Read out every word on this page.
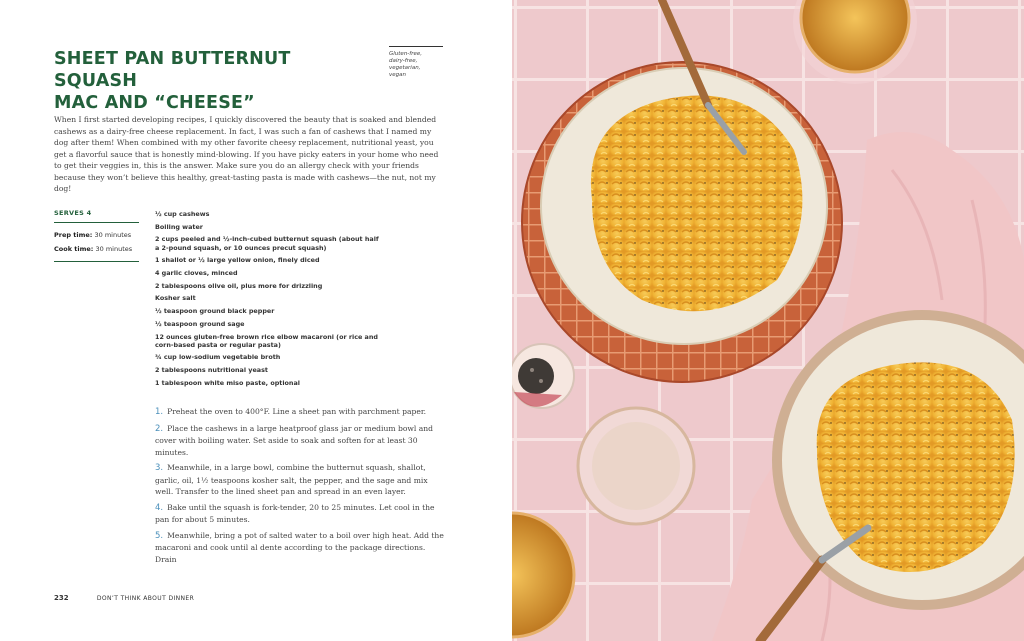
SHEET PAN BUTTERNUT SQUASH
MAC AND “CHEESE”
Gluten-free,
dairy-free,
vegetarian,
vegan

When I first started developing recipes, I quickly discovered the beauty that is soaked and blended cashews as a dairy-free cheese replacement. In fact, I was such a fan of cashews that I named my dog after them! When combined with my other favorite cheesy replacement, nutritional yeast, you get a flavorful sauce that is honestly mind-blowing. If you have picky eaters in your home who need to get their veggies in, this is the answer. Make sure you do an allergy check with your friends because they won’t believe this healthy, great-tasting pasta is made with cashews—the nut, not my dog!

SERVES 4
Prep time: 30 minutes
Cook time: 30 minutes
½ cup cashews
Boiling water
2 cups peeled and ½-inch-cubed butternut squash (about half a 2-pound squash, or 10 ounces precut squash)
1 shallot or ½ large yellow onion, finely diced
4 garlic cloves, minced
2 tablespoons olive oil, plus more for drizzling
Kosher salt
½ teaspoon ground black pepper
½ teaspoon ground sage
12 ounces gluten-free brown rice elbow macaroni (or rice and corn-based pasta or regular pasta)
¾ cup low-sodium vegetable broth
2 tablespoons nutritional yeast
1 tablespoon white miso paste, optional
1. Preheat the oven to 400°F. Line a sheet pan with parchment paper.
2. Place the cashews in a large heatproof glass jar or medium bowl and cover with boiling water. Set aside to soak and soften for at least 30 minutes.
3. Meanwhile, in a large bowl, combine the butternut squash, shallot, garlic, oil, 1½ teaspoons kosher salt, the pepper, and the sage and mix well. Transfer to the lined sheet pan and spread in an even layer.
4. Bake until the squash is fork-tender, 20 to 25 minutes. Let cool in the pan for about 5 minutes.
5. Meanwhile, bring a pot of salted water to a boil over high heat. Add the macaroni and cook until al dente according to the package directions. Drain
232	DON’T THINK ABOUT DINNER
